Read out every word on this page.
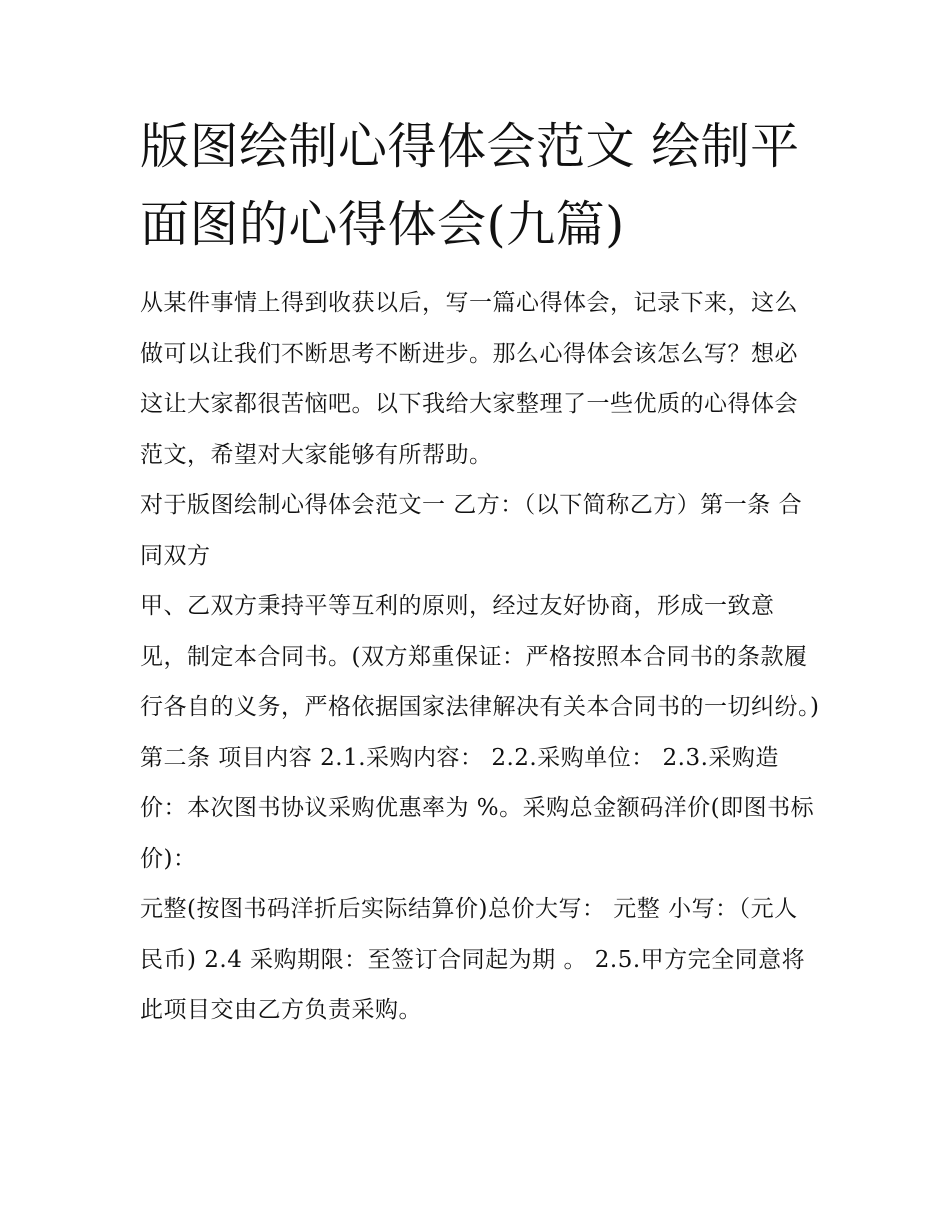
版图绘制心得体会范文 绘制平面图的心得体会(九篇)

从某件事情上得到收获以后，写一篇心得体会，记录下来，这么做可以让我们不断思考不断进步。那么心得体会该怎么写？想必这让大家都很苦恼吧。以下我给大家整理了一些优质的心得体会范文，希望对大家能够有所帮助。

对于版图绘制心得体会范文一 乙方：（以下简称乙方）第一条 合同双方

甲、乙双方秉持平等互利的原则，经过友好协商，形成一致意见，制定本合同书。(双方郑重保证：严格按照本合同书的条款履行各自的义务，严格依据国家法律解决有关本合同书的一切纠纷。)

第二条 项目内容 2.1.采购内容： 2.2.采购单位： 2.3.采购造价：本次图书协议采购优惠率为 %。采购总金额码洋价(即图书标价)：

元整(按图书码洋折后实际结算价)总价大写： 元整 小写：（元人民币) 2.4 采购期限：至签订合同起为期 。 2.5.甲方完全同意将此项目交由乙方负责采购。
